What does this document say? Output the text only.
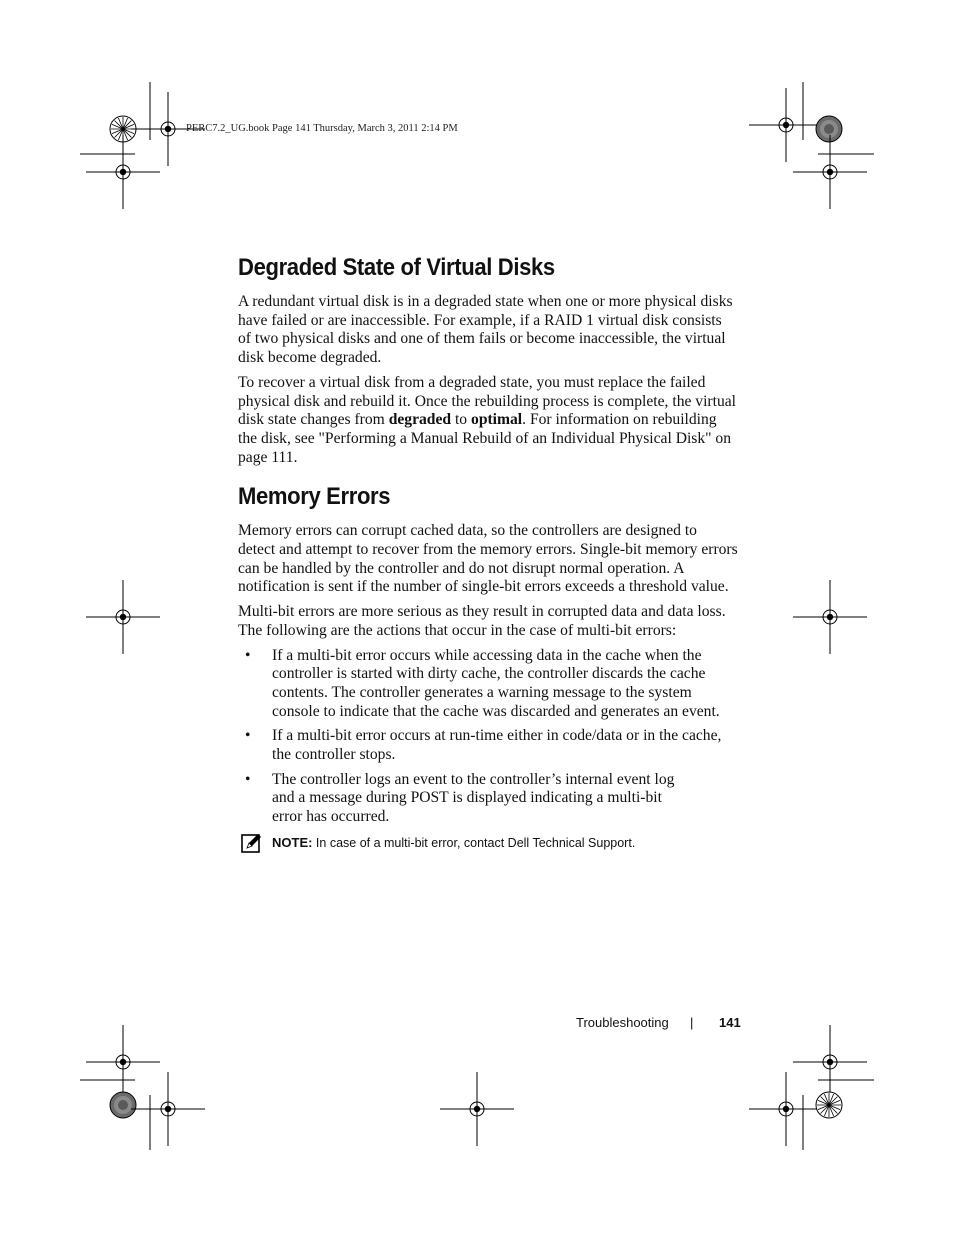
PERC7.2_UG.book Page 141 Thursday, March 3, 2011 2:14 PM
Degraded State of Virtual Disks

A redundant virtual disk is in a degraded state when one or more physical disks have failed or are inaccessible. For example, if a RAID 1 virtual disk consists of two physical disks and one of them fails or become inaccessible, the virtual disk become degraded.

To recover a virtual disk from a degraded state, you must replace the failed physical disk and rebuild it. Once the rebuilding process is complete, the virtual disk state changes from degraded to optimal. For information on rebuilding the disk, see "Performing a Manual Rebuild of an Individual Physical Disk" on page 111.

Memory Errors

Memory errors can corrupt cached data, so the controllers are designed to detect and attempt to recover from the memory errors. Single-bit memory errors can be handled by the controller and do not disrupt normal operation. A notification is sent if the number of single-bit errors exceeds a threshold value.

Multi-bit errors are more serious as they result in corrupted data and data loss. The following are the actions that occur in the case of multi-bit errors:

• If a multi-bit error occurs while accessing data in the cache when the controller is started with dirty cache, the controller discards the cache contents. The controller generates a warning message to the system console to indicate that the cache was discarded and generates an event.
• If a multi-bit error occurs at run-time either in code/data or in the cache, the controller stops.
• The controller logs an event to the controller’s internal event log and a message during POST is displayed indicating a multi-bit error has occurred.
NOTE: In case of a multi-bit error, contact Dell Technical Support.
Troubleshooting | 141
